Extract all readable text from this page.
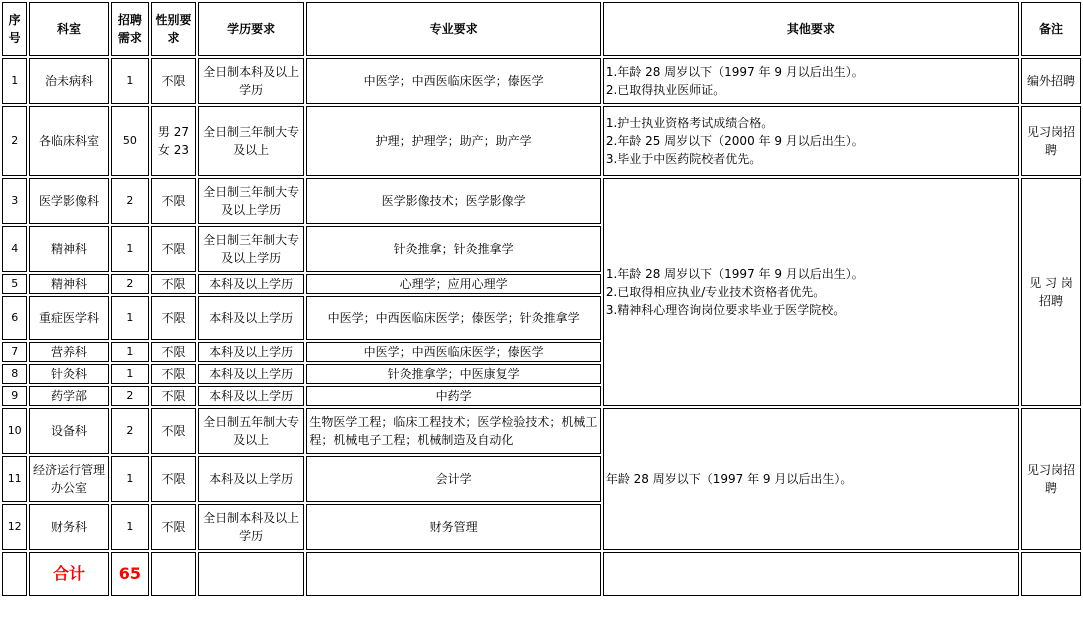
序号	科室	招聘需求	性别要求	学历要求	专业要求	其他要求	备注
1	治未病科	1	不限	全日制本科及以上学历	中医学；中西医临床医学；傣医学	1.年龄 28 周岁以下（1997 年 9 月以后出生）。
2.已取得执业医师证。	编外招聘
2	各临床科室	50	男 27 女 23	全日制三年制大专及以上	护理；护理学；助产；助产学	1.护士执业资格考试成绩合格。
2.年龄 25 周岁以下（2000 年 9 月以后出生）。
3.毕业于中医药院校者优先。	见习岗招聘
3	医学影像科	2	不限	全日制三年制大专及以上学历	医学影像技术；医学影像学	1.年龄 28 周岁以下（1997 年 9 月以后出生）。
2.已取得相应执业/专业技术资格者优先。
3.精神科心理咨询岗位要求毕业于医学院校。	见 习 岗 招聘
4	精神科	1	不限	全日制三年制大专及以上学历	针灸推拿；针灸推拿学		
5	精神科	2	不限	本科及以上学历	心理学；应用心理学		
6	重症医学科	1	不限	本科及以上学历	中医学；中西医临床医学；傣医学；针灸推拿学		
7	营养科	1	不限	本科及以上学历	中医学；中西医临床医学；傣医学		
8	针灸科	1	不限	本科及以上学历	针灸推拿学；中医康复学		
9	药学部	2	不限	本科及以上学历	中药学		
10	设备科	2	不限	全日制五年制大专及以上	生物医学工程；临床工程技术；医学检验技术；机械工程；机械电子工程；机械制造及自动化	年龄 28 周岁以下（1997 年 9 月以后出生）。	见习岗招聘
11	经济运行管理办公室	1	不限	本科及以上学历	会计学		
12	财务科	1	不限	全日制本科及以上学历	财务管理		
	合计	65					
